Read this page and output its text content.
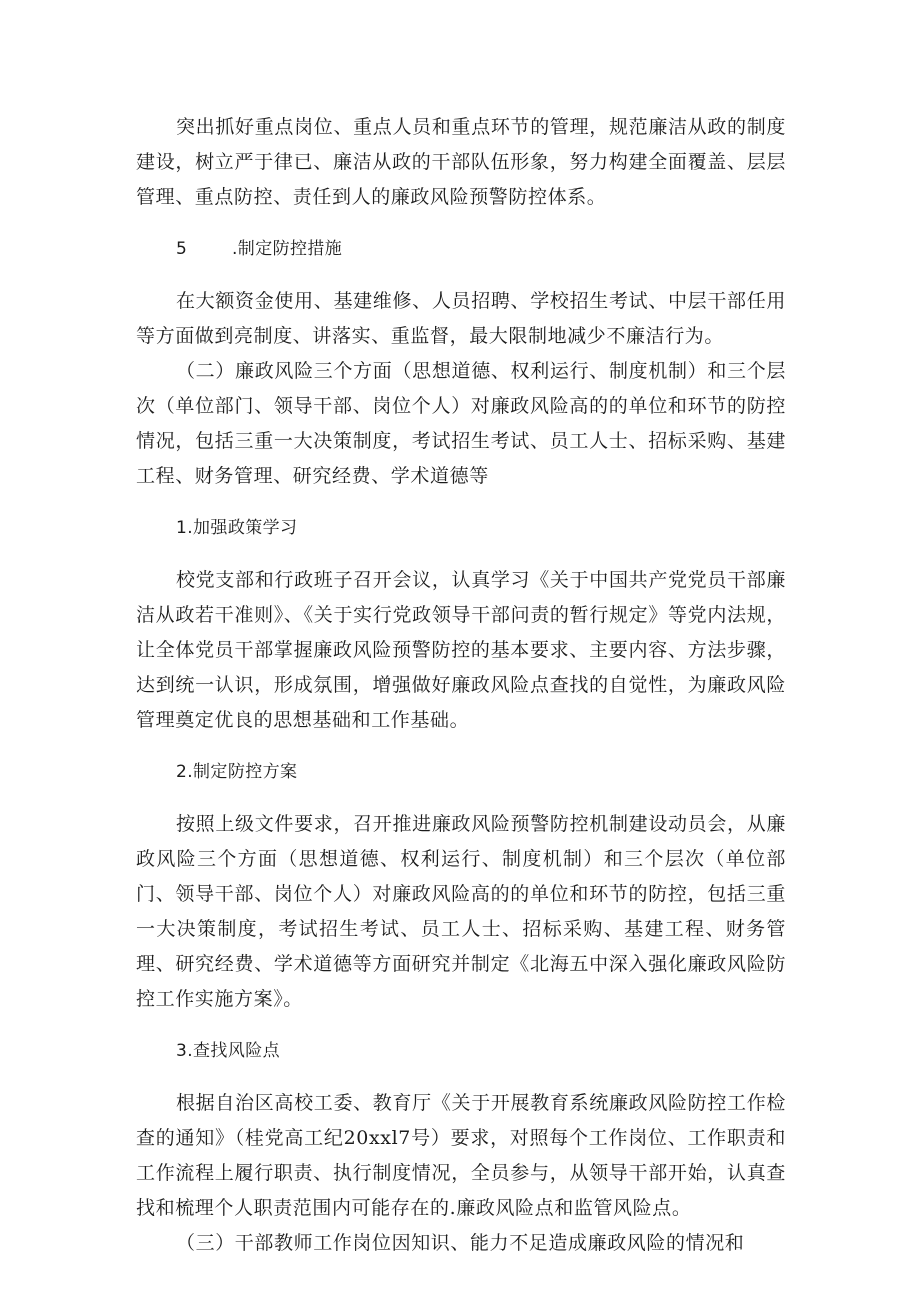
突出抓好重点岗位、重点人员和重点环节的管理，规范廉洁从政的制度建设，树立严于律已、廉洁从政的干部队伍形象，努力构建全面覆盖、层层管理、重点防控、责任到人的廉政风险预警防控体系。

5	.制定防控措施

在大额资金使用、基建维修、人员招聘、学校招生考试、中层干部任用等方面做到亮制度、讲落实、重监督，最大限制地减少不廉洁行为。

（二）廉政风险三个方面（思想道德、权利运行、制度机制）和三个层次（单位部门、领导干部、岗位个人）对廉政风险高的的单位和环节的防控情况，包括三重一大决策制度，考试招生考试、员工人士、招标采购、基建工程、财务管理、研究经费、学术道德等

1.加强政策学习

校党支部和行政班子召开会议，认真学习《关于中国共产党党员干部廉洁从政若干准则》、《关于实行党政领导干部问责的暂行规定》等党内法规，让全体党员干部掌握廉政风险预警防控的基本要求、主要内容、方法步骤，达到统一认识，形成氛围，增强做好廉政风险点查找的自觉性，为廉政风险管理奠定优良的思想基础和工作基础。

2.制定防控方案

按照上级文件要求，召开推进廉政风险预警防控机制建设动员会，从廉政风险三个方面（思想道德、权利运行、制度机制）和三个层次（单位部门、领导干部、岗位个人）对廉政风险高的的单位和环节的防控，包括三重一大决策制度，考试招生考试、员工人士、招标采购、基建工程、财务管理、研究经费、学术道德等方面研究并制定《北海五中深入强化廉政风险防控工作实施方案》。

3.查找风险点

根据自治区高校工委、教育厅《关于开展教育系统廉政风险防控工作检查的通知》（桂党高工纪20xxl7号）要求，对照每个工作岗位、工作职责和工作流程上履行职责、执行制度情况，全员参与，从领导干部开始，认真查找和梳理个人职责范围内可能存在的.廉政风险点和监管风险点。

（三）干部教师工作岗位因知识、能力不足造成廉政风险的情况和
